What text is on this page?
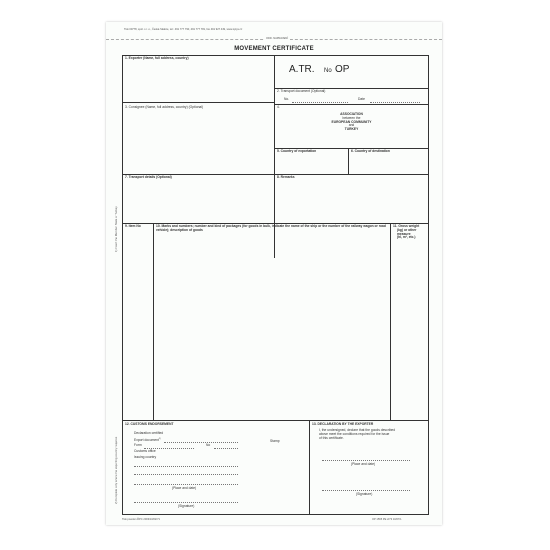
Tisk 00778, spol. s r. o., Česká Skalice, tel.: 491 777 790, 491 777 781, fax 491 927 449, www.optys.cz
ODD. NAPRAVENÍ
MOVEMENT CERTIFICATE
1) Insert the Member State or Turkey
2) Complete only where the exporting country requires
1. Exporter (Name, full address, country)
A.TR. No OP
2. Transport document (Optional)
No.	Date
3. Consignee (Name, full address, country) (Optional)	4.
ASSOCIATION
between the
EUROPEAN COMMUNITY
and
TURKEY
5. Country of exportation	6. Country of destination
7. Transport details (Optional)	8. Remarks
9. Item No	10. Marks and numbers; number and kind of packages (for goods in bulk, indicate the name of the ship or the number of the railway wagon or road vehicle); description of goods
11. Gross weight
(kg) or other
measure
(hl, m³, etc.)
12. CUSTOMS ENDORSEMENT
Declaration certified
Export document$^{2)}$
Form	No
Customs office
Issuing country
(Place and date)
(Signature)
Stamp
13. DECLARATION BY THE EXPORTER
I, the undersigned, declare that the goods described
above meet the conditions required for the issue
of this certificate.
(Place and date)
(Signature)
Tisk povolen ŘPC 2003/10/02/71	OP 1565 PE 2/73 10/07/1
